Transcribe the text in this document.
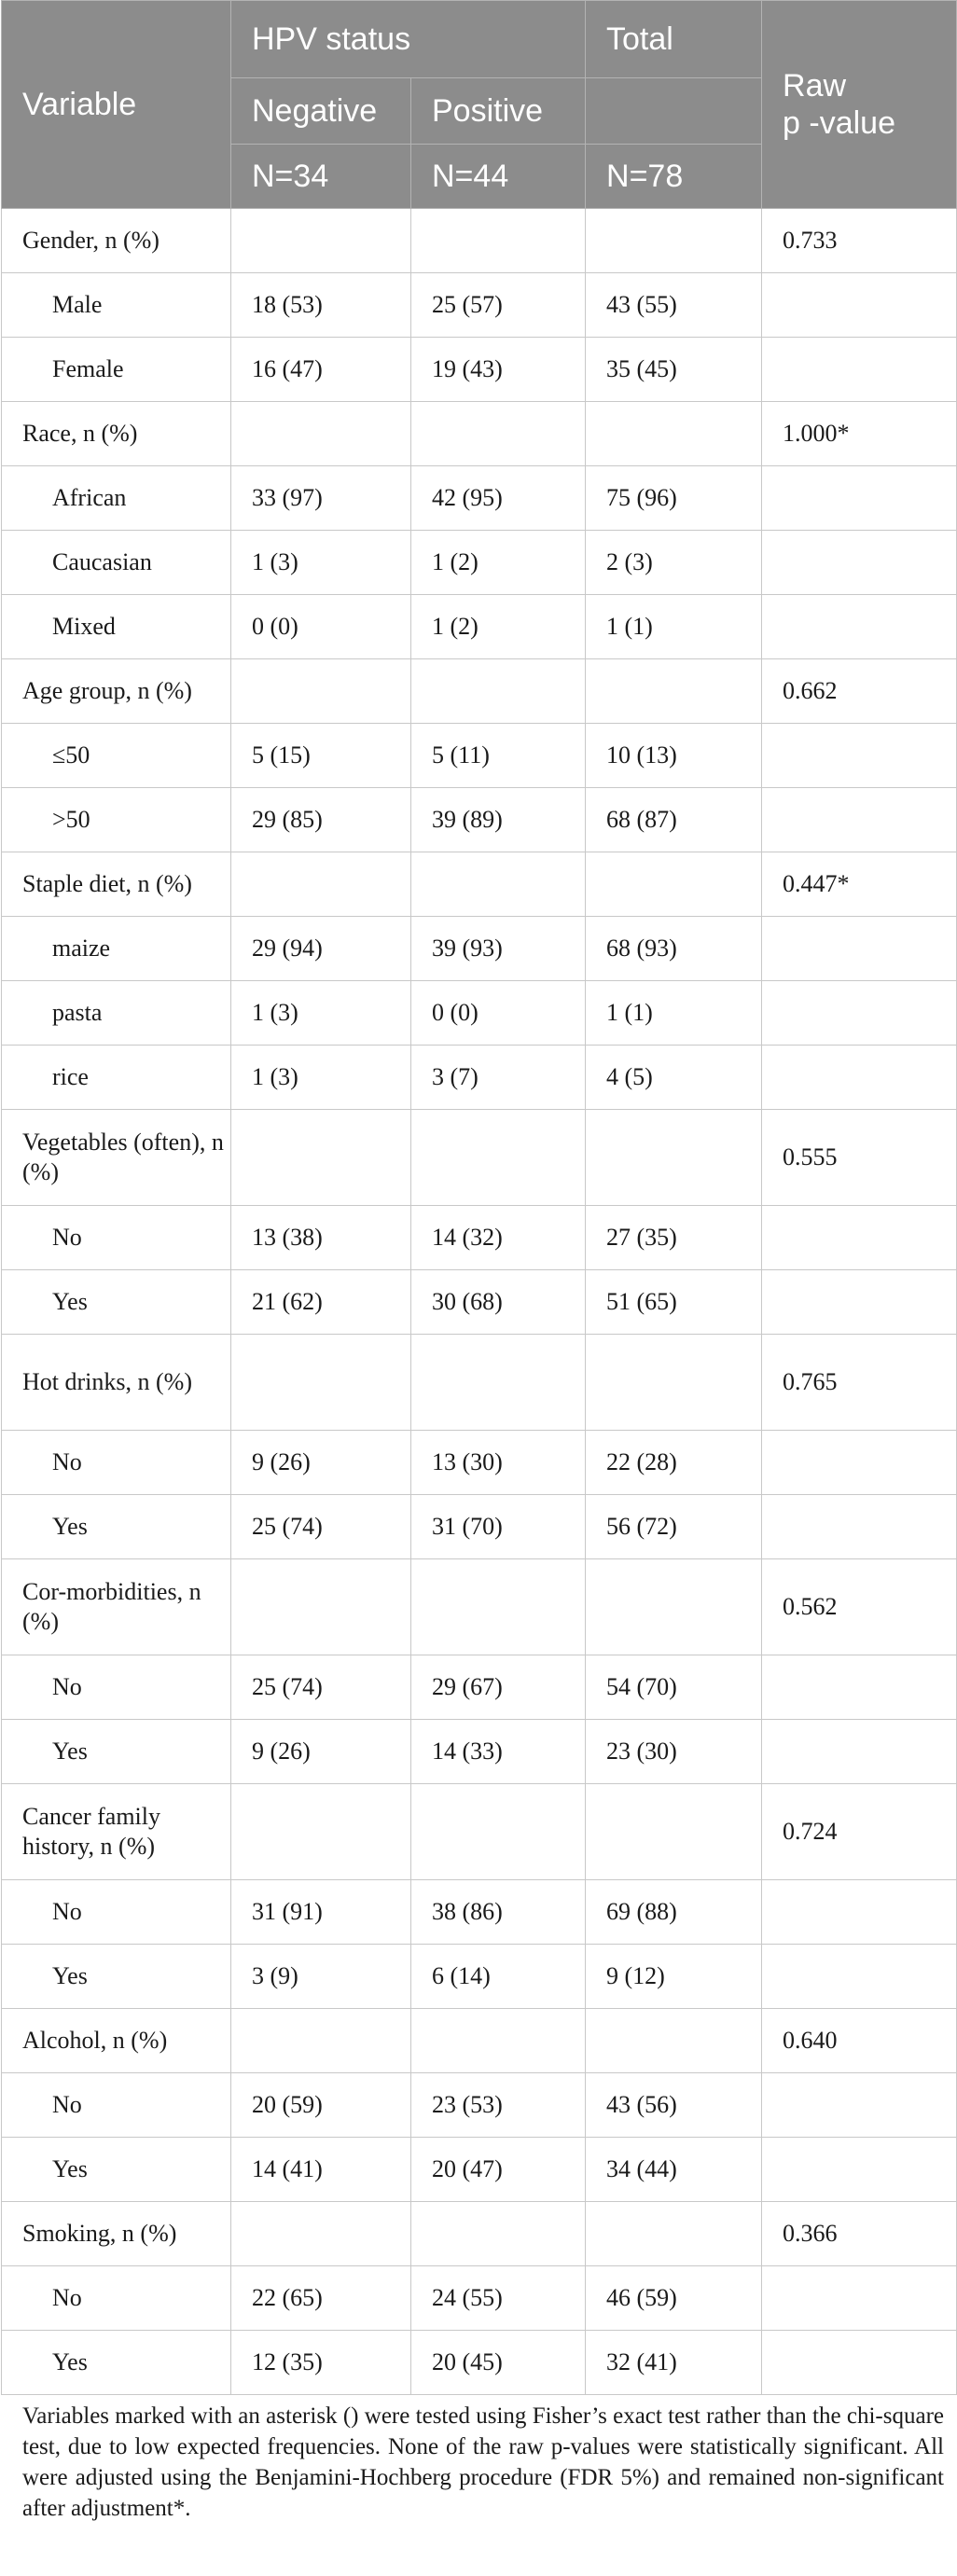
Variable	HPV status		Total	Raw
p -value
	Negative	Positive		
	N=34	N=44	N=78	
Gender, n (%)				0.733
Male	18 (53)	25 (57)	43 (55)	
Female	16 (47)	19 (43)	35 (45)	
Race, n (%)				1.000*
African	33 (97)	42 (95)	75 (96)	
Caucasian	1 (3)	1 (2)	2 (3)	
Mixed	0 (0)	1 (2)	1 (1)	
Age group, n (%)				0.662
≤50	5 (15)	5 (11)	10 (13)	
>50	29 (85)	39 (89)	68 (87)	
Staple diet, n (%)				0.447*
maize	29 (94)	39 (93)	68 (93)	
pasta	1 (3)	0 (0)	1 (1)	
rice	1 (3)	3 (7)	4 (5)	
Vegetables (often), n (%)				0.555
No	13 (38)	14 (32)	27 (35)	
Yes	21 (62)	30 (68)	51 (65)	
Hot drinks, n (%)				0.765
No	9 (26)	13 (30)	22 (28)	
Yes	25 (74)	31 (70)	56 (72)	
Cor-morbidities, n (%)				0.562
No	25 (74)	29 (67)	54 (70)	
Yes	9 (26)	14 (33)	23 (30)	
Cancer family history, n (%)				0.724
No	31 (91)	38 (86)	69 (88)	
Yes	3 (9)	6 (14)	9 (12)	
Alcohol, n (%)				0.640
No	20 (59)	23 (53)	43 (56)	
Yes	14 (41)	20 (47)	34 (44)	
Smoking, n (%)				0.366
No	22 (65)	24 (55)	46 (59)	
Yes	12 (35)	20 (45)	32 (41)	
Variables marked with an asterisk () were tested using Fisher’s exact test rather than the chi-square test, due to low expected frequencies. None of the raw p-values were statistically significant. All were adjusted using the Benjamini-Hochberg procedure (FDR 5%) and remained non-significant after adjustment*.
